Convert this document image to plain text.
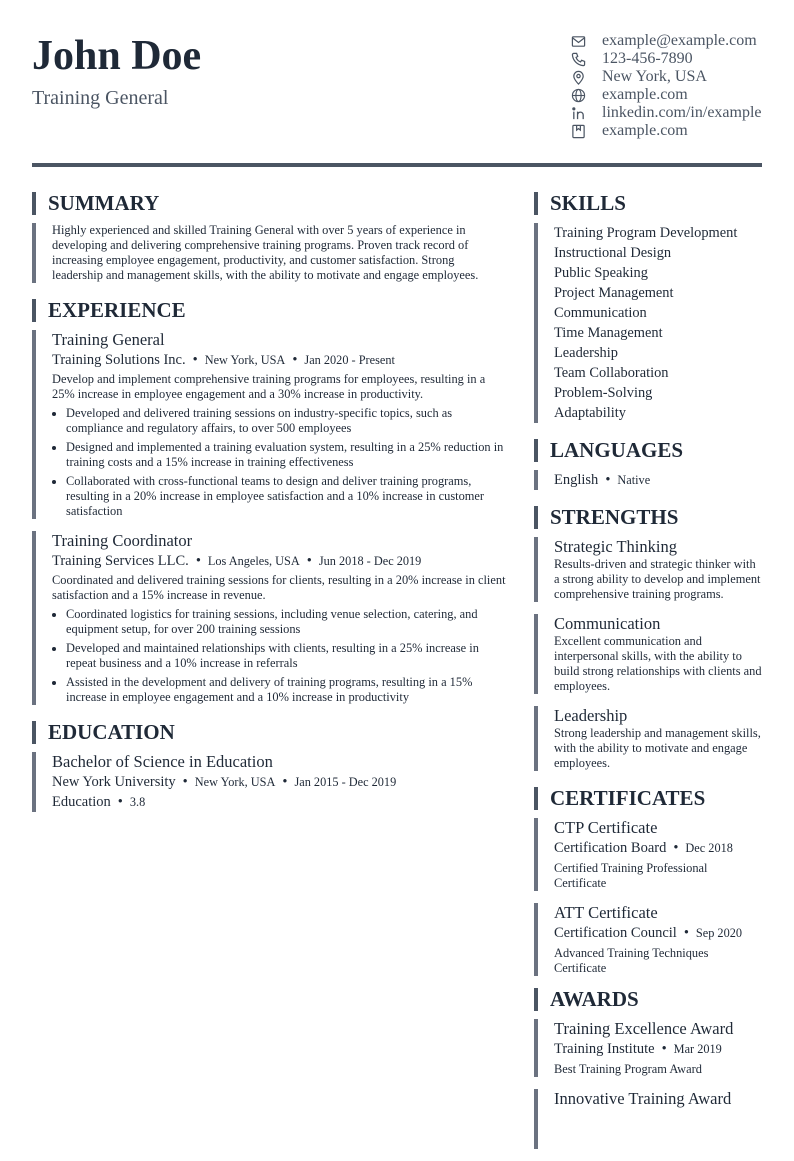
John Doe
Training General
example@example.com
123-456-7890
New York, USA
example.com
linkedin.com/in/example
example.com
SUMMARY

Highly experienced and skilled Training General with over 5 years of experience in developing and delivering comprehensive training programs. Proven track record of increasing employee engagement, productivity, and customer satisfaction. Strong leadership and management skills, with the ability to motivate and engage employees.

EXPERIENCE
Training General
Training Solutions Inc. • New York, USA • Jan 2020 - Present
Develop and implement comprehensive training programs for employees, resulting in a 25% increase in employee engagement and a 30% increase in productivity.
• Developed and delivered training sessions on industry-specific topics, such as compliance and regulatory affairs, to over 500 employees
• Designed and implemented a training evaluation system, resulting in a 25% reduction in training costs and a 15% increase in training effectiveness
• Collaborated with cross-functional teams to design and deliver training programs, resulting in a 20% increase in employee satisfaction and a 10% increase in customer satisfaction
Training Coordinator
Training Services LLC. • Los Angeles, USA • Jun 2018 - Dec 2019
Coordinated and delivered training sessions for clients, resulting in a 20% increase in client satisfaction and a 15% increase in revenue.
• Coordinated logistics for training sessions, including venue selection, catering, and equipment setup, for over 200 training sessions
• Developed and maintained relationships with clients, resulting in a 25% increase in repeat business and a 10% increase in referrals
• Assisted in the development and delivery of training programs, resulting in a 15% increase in employee engagement and a 10% increase in productivity
EDUCATION
Bachelor of Science in Education
New York University • New York, USA • Jan 2015 - Dec 2019
Education • 3.8
SKILLS
Training Program Development
Instructional Design
Public Speaking
Project Management
Communication
Time Management
Leadership
Team Collaboration
Problem-Solving
Adaptability
LANGUAGES
English • Native
STRENGTHS
Strategic Thinking
Results-driven and strategic thinker with a strong ability to develop and implement comprehensive training programs.
Communication
Excellent communication and interpersonal skills, with the ability to build strong relationships with clients and employees.
Leadership
Strong leadership and management skills, with the ability to motivate and engage employees.
CERTIFICATES
CTP Certificate
Certification Board • Dec 2018
Certified Training Professional Certificate
ATT Certificate
Certification Council • Sep 2020
Advanced Training Techniques Certificate
AWARDS
Training Excellence Award
Training Institute • Mar 2019
Best Training Program Award
Innovative Training Award
